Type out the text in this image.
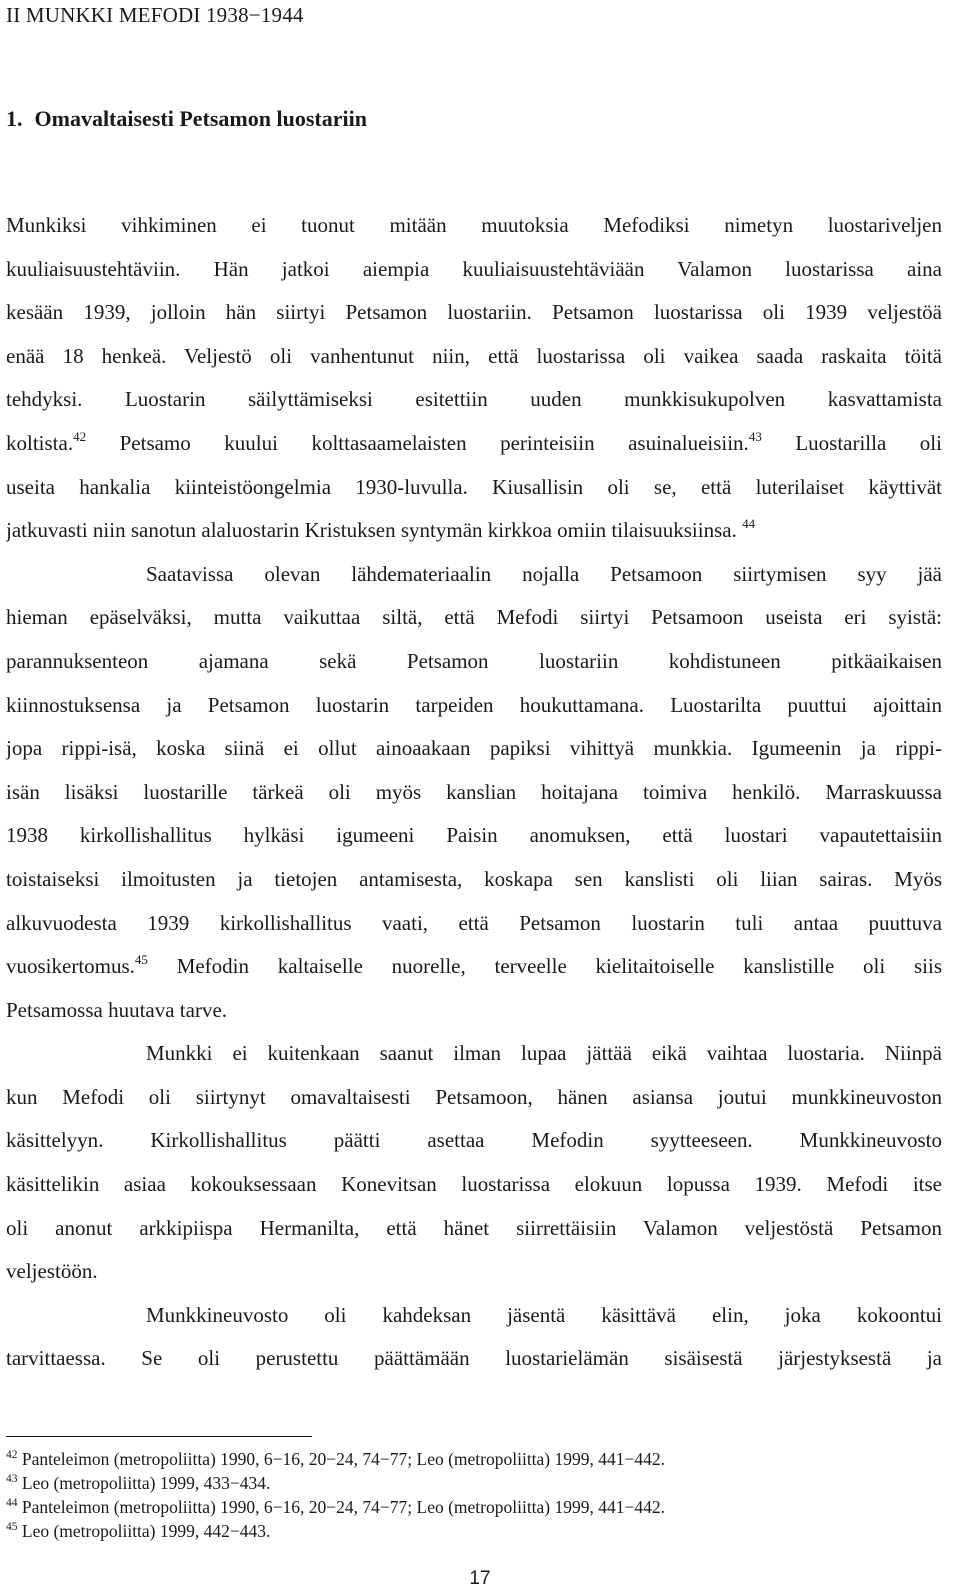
II MUNKKI MEFODI 1938−1944
1. Omavaltaisesti Petsamon luostariin
Munkiksi vihkiminen ei tuonut mitään muutoksia Mefodiksi nimetyn luostariveljen
kuuliaisuustehtäviin. Hän jatkoi aiempia kuuliaisuustehtäviään Valamon luostarissa aina
kesään 1939, jolloin hän siirtyi Petsamon luostariin. Petsamon luostarissa oli 1939 veljestöä
enää 18 henkeä. Veljestö oli vanhentunut niin, että luostarissa oli vaikea saada raskaita töitä
tehdyksi. Luostarin säilyttämiseksi esitettiin uuden munkkisukupolven kasvattamista
koltista.$^{42}$ Petsamo kuului kolttasaamelaisten perinteisiin asuinalueisiin.$^{43}$ Luostarilla oli
useita hankalia kiinteistöongelmia 1930-luvulla. Kiusallisin oli se, että luterilaiset käyttivät
jatkuvasti niin sanotun alaluostarin Kristuksen syntymän kirkkoa omiin tilaisuuksiinsa. $^{44}$
Saatavissa olevan lähdemateriaalin nojalla Petsamoon siirtymisen syy jää
hieman epäselväksi, mutta vaikuttaa siltä, että Mefodi siirtyi Petsamoon useista eri syistä:
parannuksenteon ajamana sekä Petsamon luostariin kohdistuneen pitkäaikaisen
kiinnostuksensa ja Petsamon luostarin tarpeiden houkuttamana. Luostarilta puuttui ajoittain
jopa rippi-isä, koska siinä ei ollut ainoaakaan papiksi vihittyä munkkia. Igumeenin ja rippi-
isän lisäksi luostarille tärkeä oli myös kanslian hoitajana toimiva henkilö. Marraskuussa
1938 kirkollishallitus hylkäsi igumeeni Paisin anomuksen, että luostari vapautettaisiin
toistaiseksi ilmoitusten ja tietojen antamisesta, koskapa sen kanslisti oli liian sairas. Myös
alkuvuodesta 1939 kirkollishallitus vaati, että Petsamon luostarin tuli antaa puuttuva
vuosikertomus.$^{45}$ Mefodin kaltaiselle nuorelle, terveelle kielitaitoiselle kanslistille oli siis
Petsamossa huutava tarve.
Munkki ei kuitenkaan saanut ilman lupaa jättää eikä vaihtaa luostaria. Niinpä
kun Mefodi oli siirtynyt omavaltaisesti Petsamoon, hänen asiansa joutui munkkineuvoston
käsittelyyn. Kirkollishallitus päätti asettaa Mefodin syytteeseen. Munkkineuvosto
käsittelikin asiaa kokouksessaan Konevitsan luostarissa elokuun lopussa 1939. Mefodi itse
oli anonut arkkipiispa Hermanilta, että hänet siirrettäisiin Valamon veljestöstä Petsamon
veljestöön.
Munkkineuvosto oli kahdeksan jäsentä käsittävä elin, joka kokoontui
tarvittaessa. Se oli perustettu päättämään luostarielämän sisäisestä järjestyksestä ja
$^{42}$ Panteleimon (metropoliitta) 1990, 6−16, 20−24, 74−77; Leo (metropoliitta) 1999, 441−442.
$^{43}$ Leo (metropoliitta) 1999, 433−434.
$^{44}$ Panteleimon (metropoliitta) 1990, 6−16, 20−24, 74−77; Leo (metropoliitta) 1999, 441−442.
$^{45}$ Leo (metropoliitta) 1999, 442−443.
17
